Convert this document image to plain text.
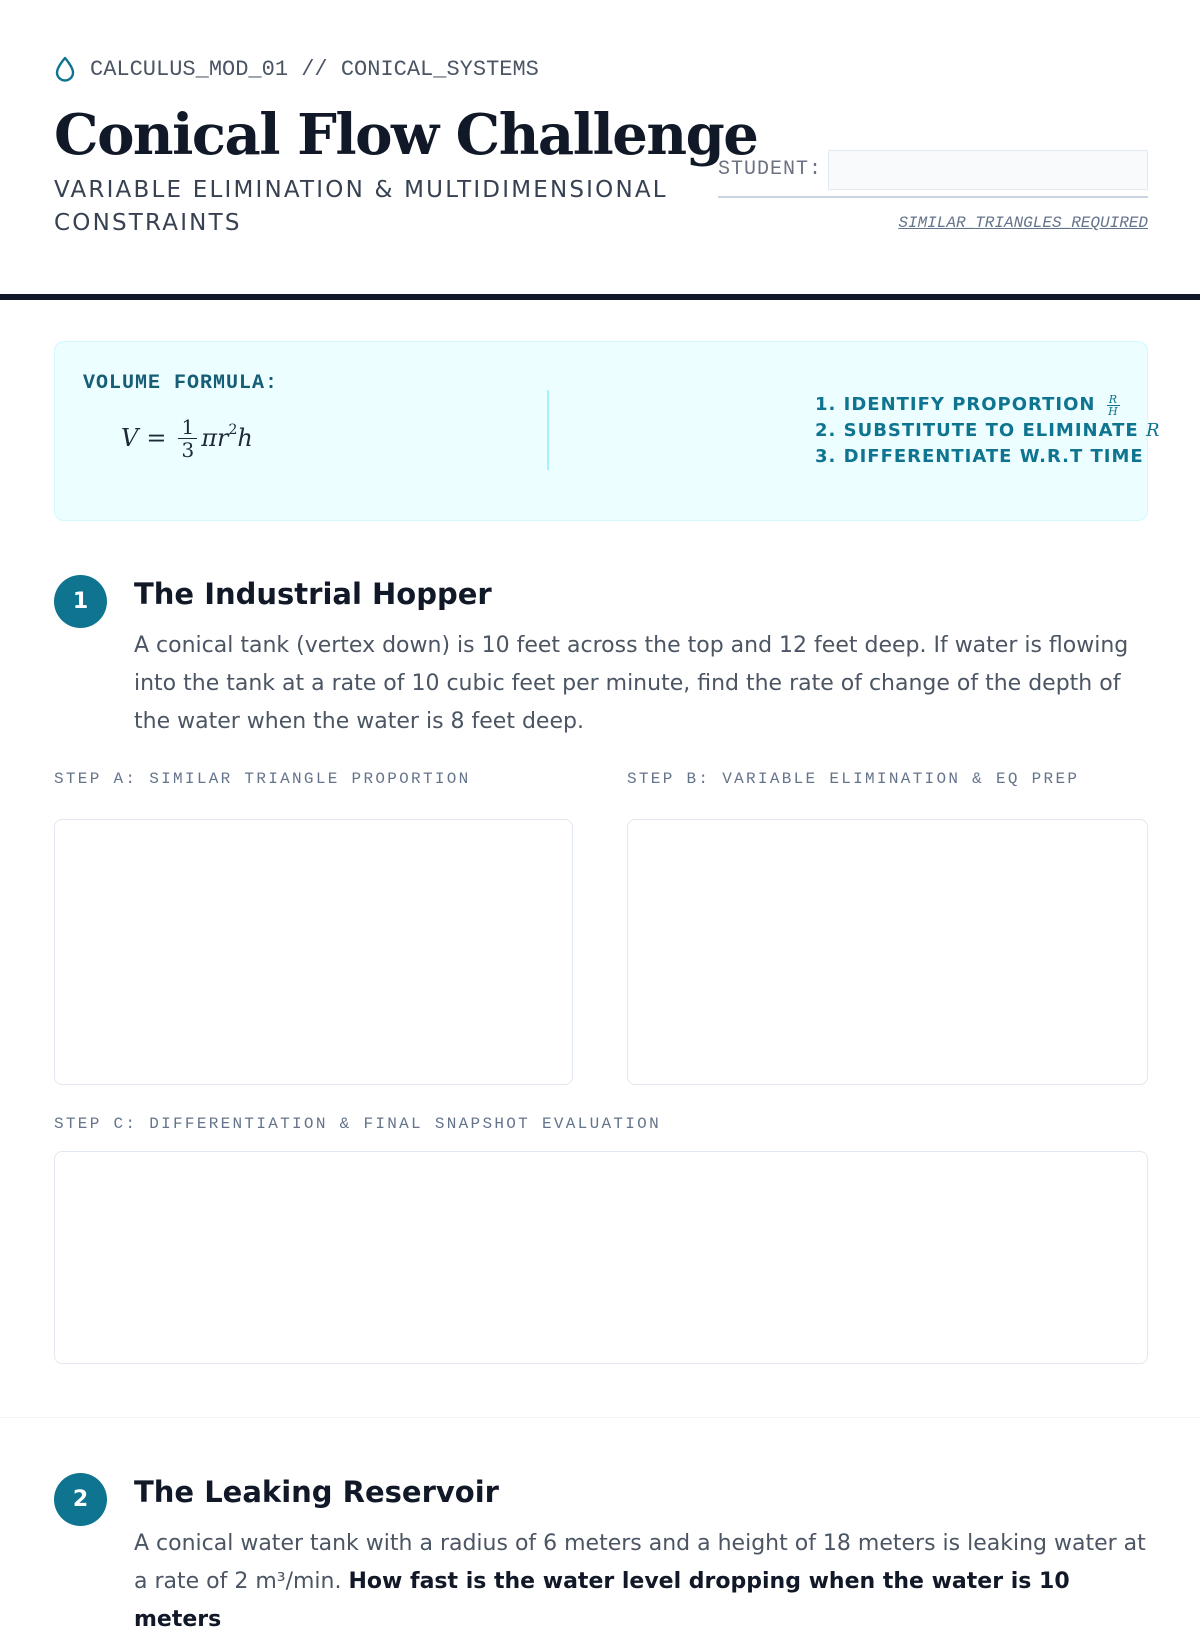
CALCULUS_MOD_01 // CONICAL_SYSTEMS
Conical Flow Challenge
VARIABLE ELIMINATION & MULTIDIMENSIONAL CONSTRAINTS
STUDENT:
SIMILAR_TRIANGLES_REQUIRED
VOLUME FORMULA:
$V = \frac{1}{3}$ π $r^2$ h
1. IDENTIFY PROPORTION $\frac{R}{H}$
2. SUBSTITUTE TO ELIMINATE R
3. DIFFERENTIATE W.R.T TIME
1	The Industrial Hopper
A conical tank (vertex down) is 10 feet across the top and 12 feet deep. If water is flowing into the tank at a rate of 10 cubic feet per minute, find the rate of change of the depth of the water when the water is 8 feet deep.
STEP A: SIMILAR TRIANGLE PROPORTION	STEP B: VARIABLE ELIMINATION & EQ PREP
STEP C: DIFFERENTIATION & FINAL SNAPSHOT EVALUATION
2	The Leaking Reservoir
A conical water tank with a radius of 6 meters and a height of 18 meters is leaking water at a rate of 2 m³/min. How fast is the water level dropping when the water is 10 meters
